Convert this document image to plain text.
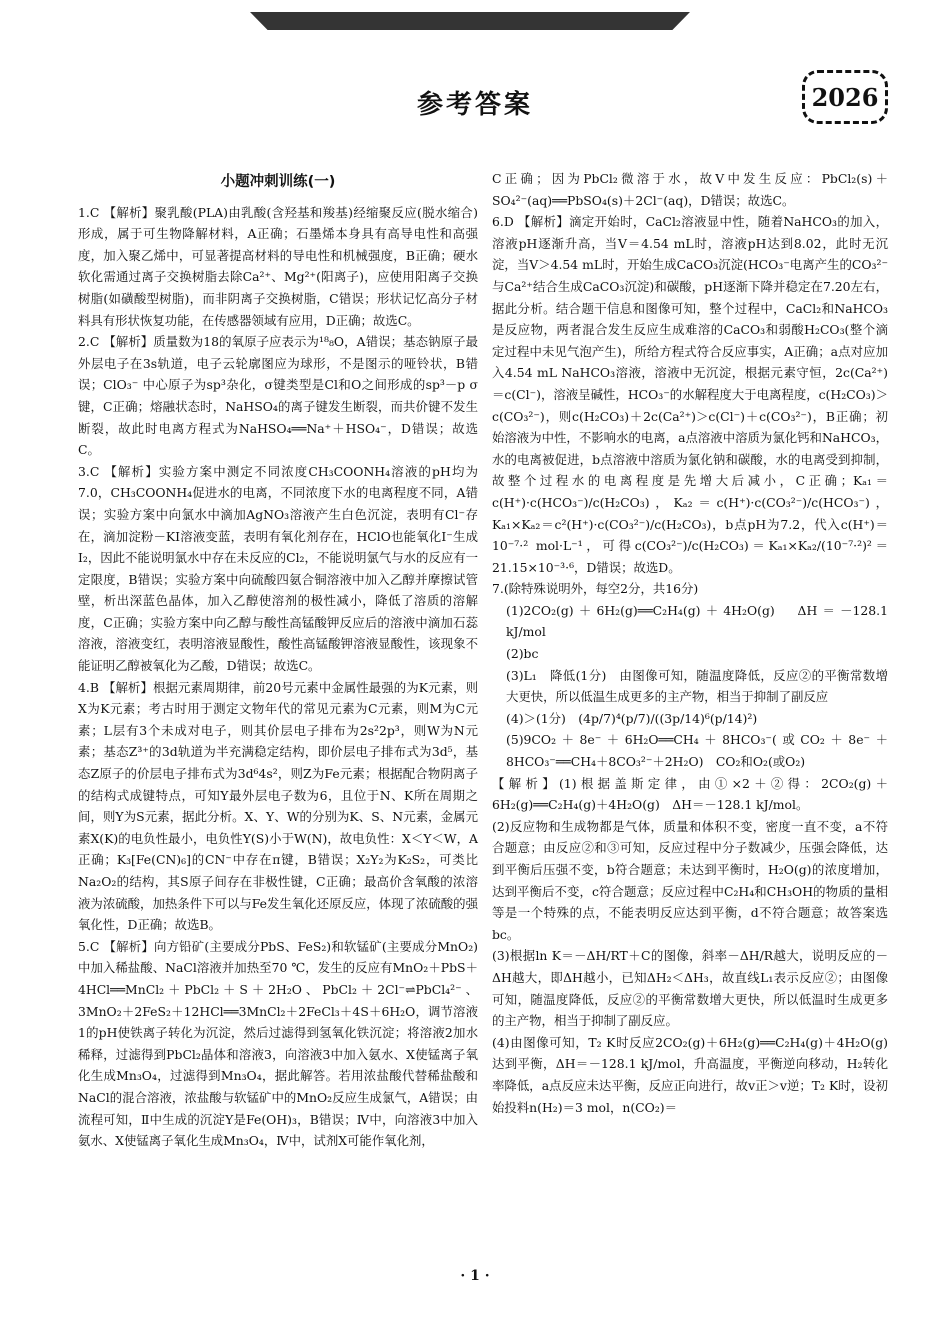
参考答案	2026
小题冲刺训练(一)

1.C 【解析】聚乳酸(PLA)由乳酸(含羟基和羧基)经缩聚反应(脱水缩合)形成，属于可生物降解材料，A正确；石墨烯本身具有高导电性和高强度，加入聚乙烯中，可显著提高材料的导电性和机械强度，B正确；硬水软化需通过离子交换树脂去除Ca²⁺、Mg²⁺(阳离子)，应使用阳离子交换树脂(如磺酸型树脂)，而非阴离子交换树脂，C错误；形状记忆高分子材料具有形状恢复功能，在传感器领域有应用，D正确；故选C。

2.C 【解析】质量数为18的氧原子应表示为¹⁸₈O，A错误；基态钠原子最外层电子在3s轨道，电子云轮廓图应为球形，不是图示的哑铃状，B错误；ClO₃⁻ 中心原子为sp³杂化，σ键类型是Cl和O之间形成的sp³－p σ键，C正确；熔融状态时，NaHSO₄的离子键发生断裂，而共价键不发生断裂，故此时电离方程式为NaHSO₄══Na⁺＋HSO₄⁻，D错误；故选C。

3.C 【解析】实验方案中测定不同浓度CH₃COONH₄溶液的pH均为7.0，CH₃COONH₄促进水的电离，不同浓度下水的电离程度不同，A错误；实验方案中向氯水中滴加AgNO₃溶液产生白色沉淀，表明有Cl⁻存在，滴加淀粉－KI溶液变蓝，表明有氧化剂存在，HClO也能氧化I⁻生成I₂，因此不能说明氯水中存在未反应的Cl₂，不能说明氯气与水的反应有一定限度，B错误；实验方案中向硫酸四氨合铜溶液中加入乙醇并摩擦试管壁，析出深蓝色晶体，加入乙醇使溶剂的极性减小，降低了溶质的溶解度，C正确；实验方案中向乙醇与酸性高锰酸钾反应后的溶液中滴加石蕊溶液，溶液变红，表明溶液显酸性，酸性高锰酸钾溶液显酸性，该现象不能证明乙醇被氧化为乙酸，D错误；故选C。

4.B 【解析】根据元素周期律，前20号元素中金属性最强的为K元素，则X为K元素；考古时用于测定文物年代的常见元素为C元素，则M为C元素；L层有3个未成对电子，则其价层电子排布为2s²2p³，则W为N元素；基态Z³⁺的3d轨道为半充满稳定结构，即价层电子排布式为3d⁵，基态Z原子的价层电子排布式为3d⁶4s²，则Z为Fe元素；根据配合物阴离子的结构式成键特点，可知Y最外层电子数为6，且位于N、K所在周期之间，则Y为S元素，据此分析。X、Y、W的分别为K、S、N元素，金属元素X(K)的电负性最小，电负性Y(S)小于W(N)，故电负性：X＜Y＜W，A正确；K₃[Fe(CN)₆]的CN⁻中存在π键，B错误；X₂Y₂为K₂S₂，可类比Na₂O₂的结构，其S原子间存在非极性键，C正确；最高价含氧酸的浓溶液为浓硫酸，加热条件下可以与Fe发生氧化还原反应，体现了浓硫酸的强氧化性，D正确；故选B。

5.C 【解析】向方铅矿(主要成分PbS、FeS₂)和软锰矿(主要成分MnO₂)中加入稀盐酸、NaCl溶液并加热至70 ℃，发生的反应有MnO₂＋PbS＋4HCl══MnCl₂＋PbCl₂＋S＋2H₂O、PbCl₂＋2Cl⁻⇌PbCl₄²⁻、3MnO₂＋2FeS₂＋12HCl══3MnCl₂＋2FeCl₃＋4S＋6H₂O，调节溶液1的pH使铁离子转化为沉淀，然后过滤得到氢氧化铁沉淀；将溶液2加水稀释，过滤得到PbCl₂晶体和溶液3，向溶液3中加入氨水、X使锰离子氧化生成Mn₃O₄，过滤得到Mn₃O₄，据此解答。若用浓盐酸代替稀盐酸和NaCl的混合溶液，浓盐酸与软锰矿中的MnO₂反应生成氯气，A错误；由流程可知，Ⅱ中生成的沉淀Y是Fe(OH)₃，B错误；Ⅳ中，向溶液3中加入氨水、X使锰离子氧化生成Mn₃O₄，Ⅳ中，试剂X可能作氧化剂，

C正确；因为PbCl₂微溶于水，故Ⅴ中发生反应：PbCl₂(s)＋SO₄²⁻(aq)══PbSO₄(s)＋2Cl⁻(aq)，D错误；故选C。

6.D 【解析】滴定开始时，CaCl₂溶液显中性，随着NaHCO₃的加入，溶液pH逐渐升高，当V＝4.54 mL时，溶液pH达到8.02，此时无沉淀，当V＞4.54 mL时，开始生成CaCO₃沉淀(HCO₃⁻电离产生的CO₃²⁻与Ca²⁺结合生成CaCO₃沉淀)和碳酸，pH逐渐下降并稳定在7.20左右，据此分析。结合题干信息和图像可知，整个过程中，CaCl₂和NaHCO₃是反应物，两者混合发生反应生成难溶的CaCO₃和弱酸H₂CO₃(整个滴定过程中未见气泡产生)，所给方程式符合反应事实，A正确；a点对应加入4.54 mL NaHCO₃溶液，溶液中无沉淀，根据元素守恒，2c(Ca²⁺)＝c(Cl⁻)，溶液呈碱性，HCO₃⁻的水解程度大于电离程度，c(H₂CO₃)＞c(CO₃²⁻)，则c(H₂CO₃)＋2c(Ca²⁺)＞c(Cl⁻)＋c(CO₃²⁻)，B正确；初始溶液为中性，不影响水的电离，a点溶液中溶质为氯化钙和NaHCO₃，水的电离被促进，b点溶液中溶质为氯化钠和碳酸，水的电离受到抑制，故整个过程水的电离程度是先增大后减小，C正确；Kₐ₁＝c(H⁺)·c(HCO₃⁻)/c(H₂CO₃)，Kₐ₂＝c(H⁺)·c(CO₃²⁻)/c(HCO₃⁻)，Kₐ₁×Kₐ₂＝c²(H⁺)·c(CO₃²⁻)/c(H₂CO₃)，b点pH为7.2，代入c(H⁺)＝10⁻⁷·² mol·L⁻¹，可得c(CO₃²⁻)/c(H₂CO₃)＝Kₐ₁×Kₐ₂/(10⁻⁷·²)²＝21.15×10⁻³·⁶，D错误；故选D。

7.(除特殊说明外，每空2分，共16分)

(1)2CO₂(g)＋6H₂(g)══C₂H₄(g)＋4H₂O(g)　ΔH＝－128.1 kJ/mol

(2)bc

(3)L₁　降低(1分)　由图像可知，随温度降低，反应②的平衡常数增大更快，所以低温生成更多的主产物，相当于抑制了副反应

(4)＞(1分)　(4p/7)⁴(p/7)/((3p/14)⁶(p/14)²)

(5)9CO₂＋8e⁻＋6H₂O══CH₄＋8HCO₃⁻(或CO₂＋8e⁻＋8HCO₃⁻══CH₄＋8CO₃²⁻＋2H₂O)　CO₂和O₂(或O₂)

【解析】(1)根据盖斯定律，由①×2＋②得：2CO₂(g)＋6H₂(g)══C₂H₄(g)＋4H₂O(g)　ΔH＝－128.1 kJ/mol。

(2)反应物和生成物都是气体，质量和体积不变，密度一直不变，a不符合题意；由反应②和③可知，反应过程中分子数减少，压强会降低，达到平衡后压强不变，b符合题意；未达到平衡时，H₂O(g)的浓度增加，达到平衡后不变，c符合题意；反应过程中C₂H₄和CH₃OH的物质的量相等是一个特殊的点，不能表明反应达到平衡，d不符合题意；故答案选bc。

(3)根据ln K＝－ΔH/RT＋C的图像，斜率－ΔH/R越大，说明反应的－ΔH越大，即ΔH越小，已知ΔH₂＜ΔH₃，故直线L₁表示反应②；由图像可知，随温度降低，反应②的平衡常数增大更快，所以低温时生成更多的主产物，相当于抑制了副反应。

(4)由图像可知，T₂ K时反应2CO₂(g)＋6H₂(g)══C₂H₄(g)＋4H₂O(g)达到平衡，ΔH＝－128.1 kJ/mol，升高温度，平衡逆向移动，H₂转化率降低，a点反应未达平衡，反应正向进行，故v正＞v逆；T₂ K时，设初始投料n(H₂)＝3 mol，n(CO₂)＝

· 1 ·
